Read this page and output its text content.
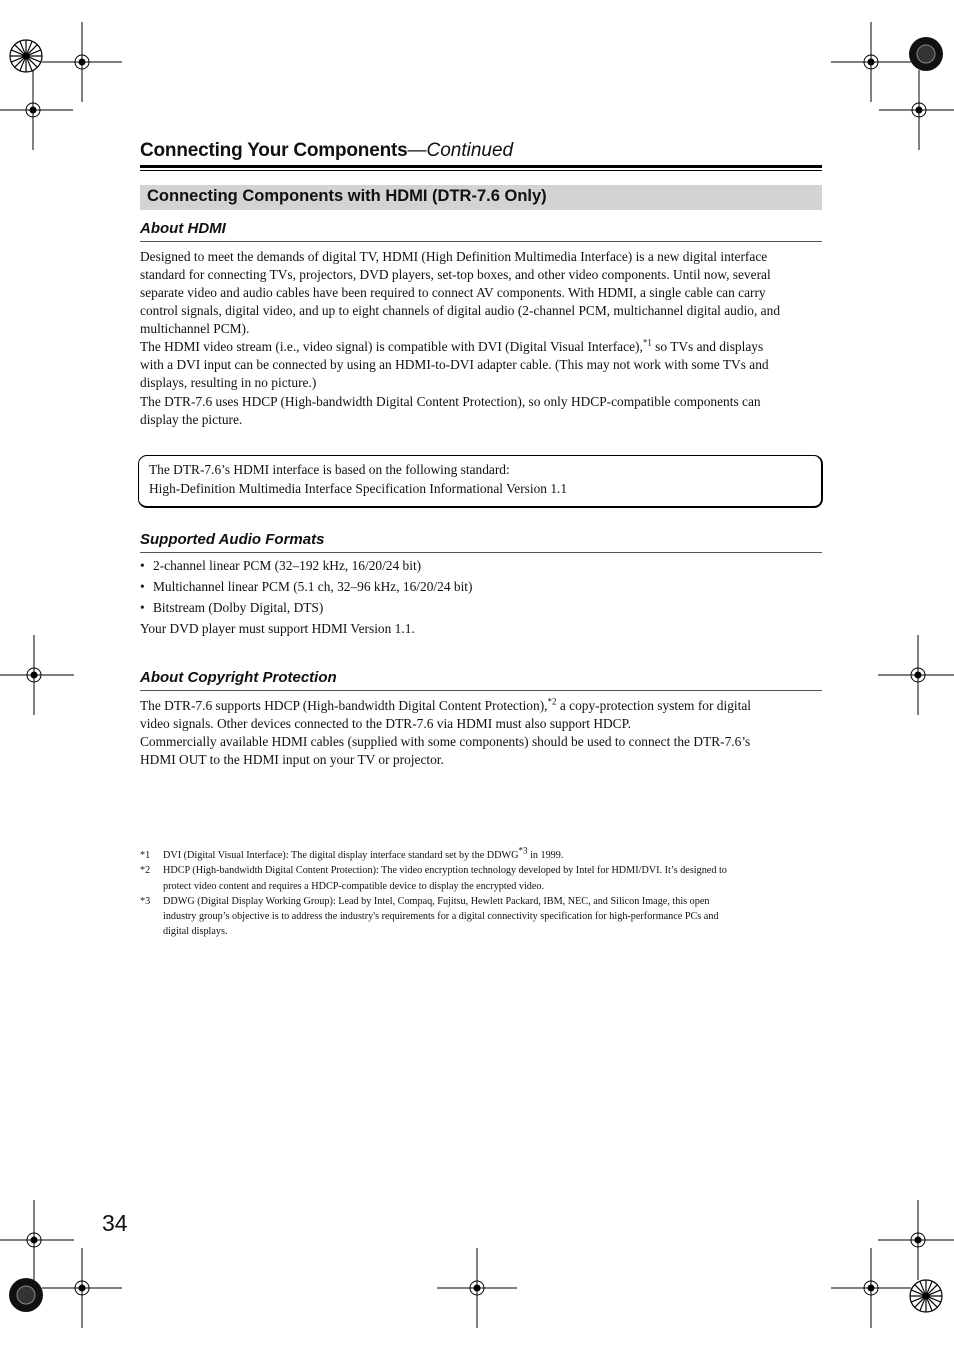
Connecting Your Components—Continued
Connecting Components with HDMI (DTR-7.6 Only)
About HDMI

Designed to meet the demands of digital TV, HDMI (High Definition Multimedia Interface) is a new digital interface

standard for connecting TVs, projectors, DVD players, set-top boxes, and other video components. Until now, several

separate video and audio cables have been required to connect AV components. With HDMI, a single cable can carry

control signals, digital video, and up to eight channels of digital audio (2-channel PCM, multichannel digital audio, and

multichannel PCM).

The HDMI video stream (i.e., video signal) is compatible with DVI (Digital Visual Interface),$^{*1}$ so TVs and displays

with a DVI input can be connected by using an HDMI-to-DVI adapter cable. (This may not work with some TVs and

displays, resulting in no picture.)

The DTR-7.6 uses HDCP (High-bandwidth Digital Content Protection), so only HDCP-compatible components can

display the picture.

The DTR-7.6’s HDMI interface is based on the following standard:
High-Definition Multimedia Interface Specification Informational Version 1.1
Supported Audio Formats
• 2-channel linear PCM (32–192 kHz, 16/20/24 bit)
• Multichannel linear PCM (5.1 ch, 32–96 kHz, 16/20/24 bit)
• Bitstream (Dolby Digital, DTS)
Your DVD player must support HDMI Version 1.1.
About Copyright Protection

The DTR-7.6 supports HDCP (High-bandwidth Digital Content Protection),$^{*2}$ a copy-protection system for digital

video signals. Other devices connected to the DTR-7.6 via HDMI must also support HDCP.

Commercially available HDMI cables (supplied with some components) should be used to connect the DTR-7.6’s

HDMI OUT to the HDMI input on your TV or projector.

*1 DVI (Digital Visual Interface): The digital display interface standard set by the DDWG$^{*3}$ in 1999.
*2 HDCP (High-bandwidth Digital Content Protection): The video encryption technology developed by Intel for HDMI/DVI. It’s designed to
protect video content and requires a HDCP-compatible device to display the encrypted video.
*3 DDWG (Digital Display Working Group): Lead by Intel, Compaq, Fujitsu, Hewlett Packard, IBM, NEC, and Silicon Image, this open
industry group’s objective is to address the industry's requirements for a digital connectivity specification for high-performance PCs and
digital displays.
34
